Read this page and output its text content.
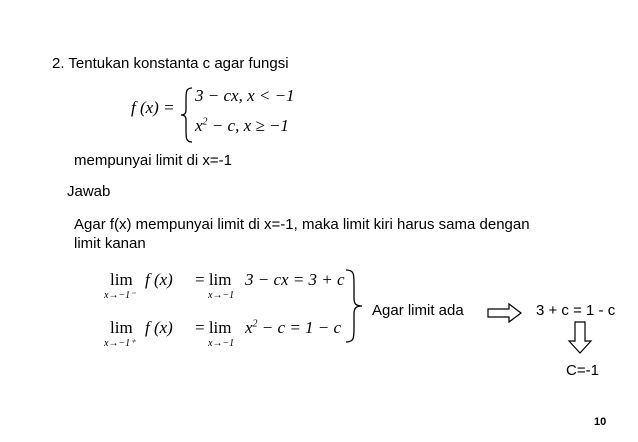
2. Tentukan konstanta c agar fungsi
f (x) =
3 − cx, x < −1
$x^2 - c$, x ≥ −1
mempunyai limit di x=-1
Jawab
Agar f(x) mempunyai limit di x=-1, maka limit kiri harus sama dengan
limit kanan
lim
x→−1⁻
f (x) = lim
x→−1
3 − cx = 3 + c
lim
x→−1⁺
f (x) = lim
x→−1
$x^2 - c = 1 - c$
Agar limit ada	3 + c = 1 - c
C=-1
10
